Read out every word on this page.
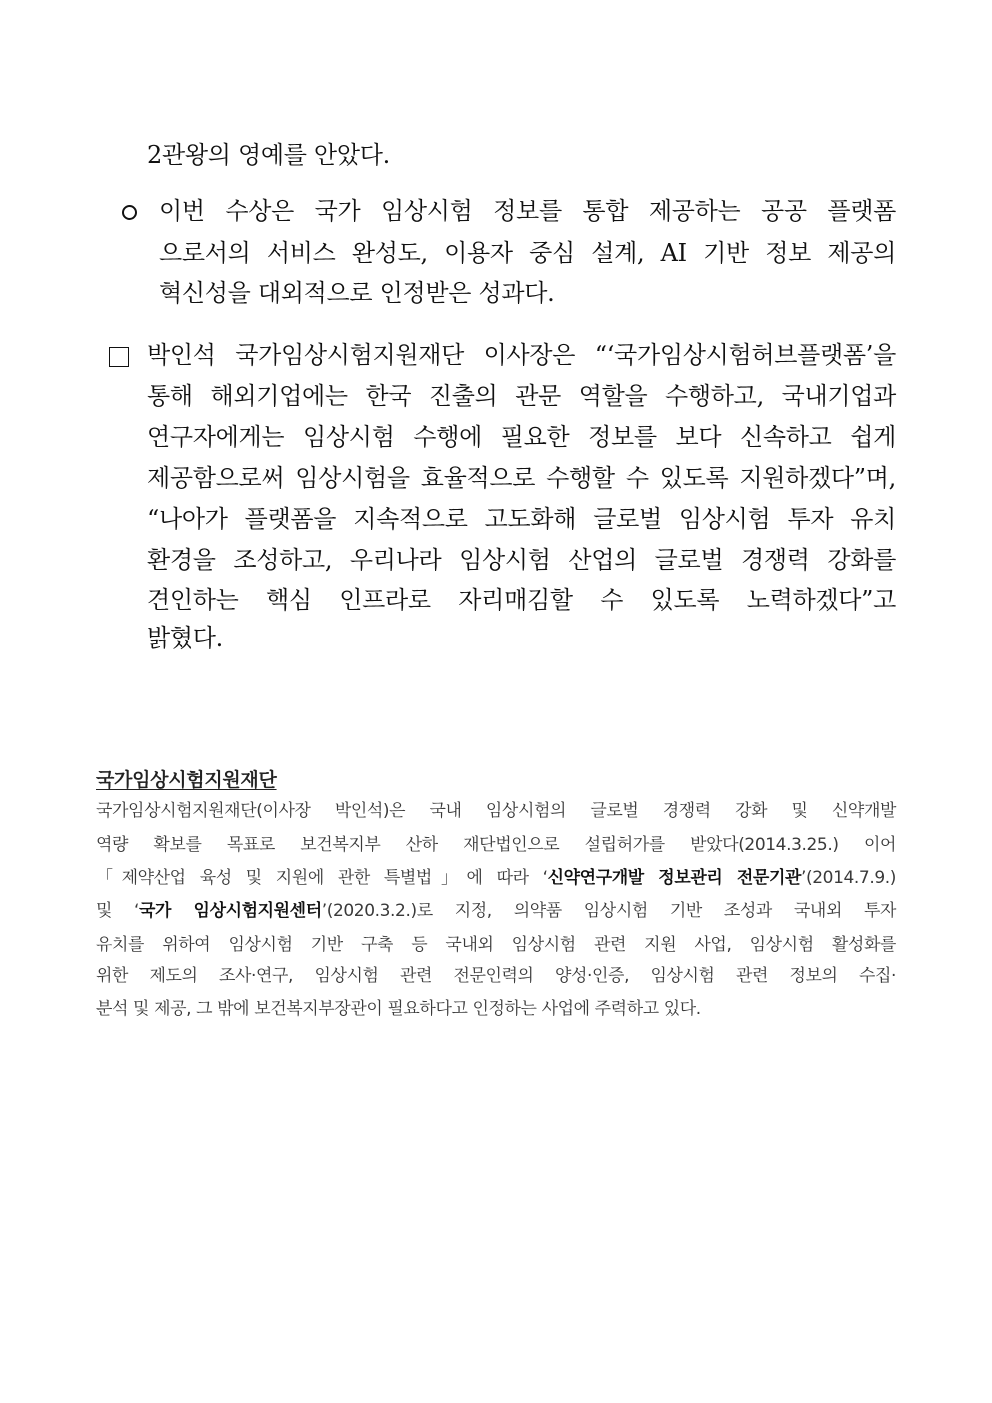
2관왕의 영예를 안았다.
이번 수상은 국가 임상시험 정보를 통합 제공하는 공공 플랫폼
으로서의 서비스 완성도, 이용자 중심 설계, AI 기반 정보 제공의
혁신성을 대외적으로 인정받은 성과다.
박인석 국가임상시험지원재단 이사장은 “‘국가임상시험허브플랫폼’을
통해 해외기업에는 한국 진출의 관문 역할을 수행하고, 국내기업과
연구자에게는 임상시험 수행에 필요한 정보를 보다 신속하고 쉽게
제공함으로써 임상시험을 효율적으로 수행할 수 있도록 지원하겠다”며,
“나아가 플랫폼을 지속적으로 고도화해 글로벌 임상시험 투자 유치
환경을 조성하고, 우리나라 임상시험 산업의 글로벌 경쟁력 강화를
견인하는 핵심 인프라로 자리매김할 수 있도록 노력하겠다”고
밝혔다.
국가임상시험지원재단
국가임상시험지원재단(이사장 박인석)은 국내 임상시험의 글로벌 경쟁력 강화 및 신약개발
역량 확보를 목표로 보건복지부 산하 재단법인으로 설립허가를 받았다(2014.3.25.) 이어
「제약산업 육성 및 지원에 관한 특별법」에 따라 ‘신약연구개발 정보관리 전문기관’(2014.7.9.)
및 ‘국가 임상시험지원센터’(2020.3.2.)로 지정, 의약품 임상시험 기반 조성과 국내외 투자
유치를 위하여 임상시험 기반 구축 등 국내외 임상시험 관련 지원 사업, 임상시험 활성화를
위한 제도의 조사·연구, 임상시험 관련 전문인력의 양성·인증, 임상시험 관련 정보의 수집·
분석 및 제공, 그 밖에 보건복지부장관이 필요하다고 인정하는 사업에 주력하고 있다.
